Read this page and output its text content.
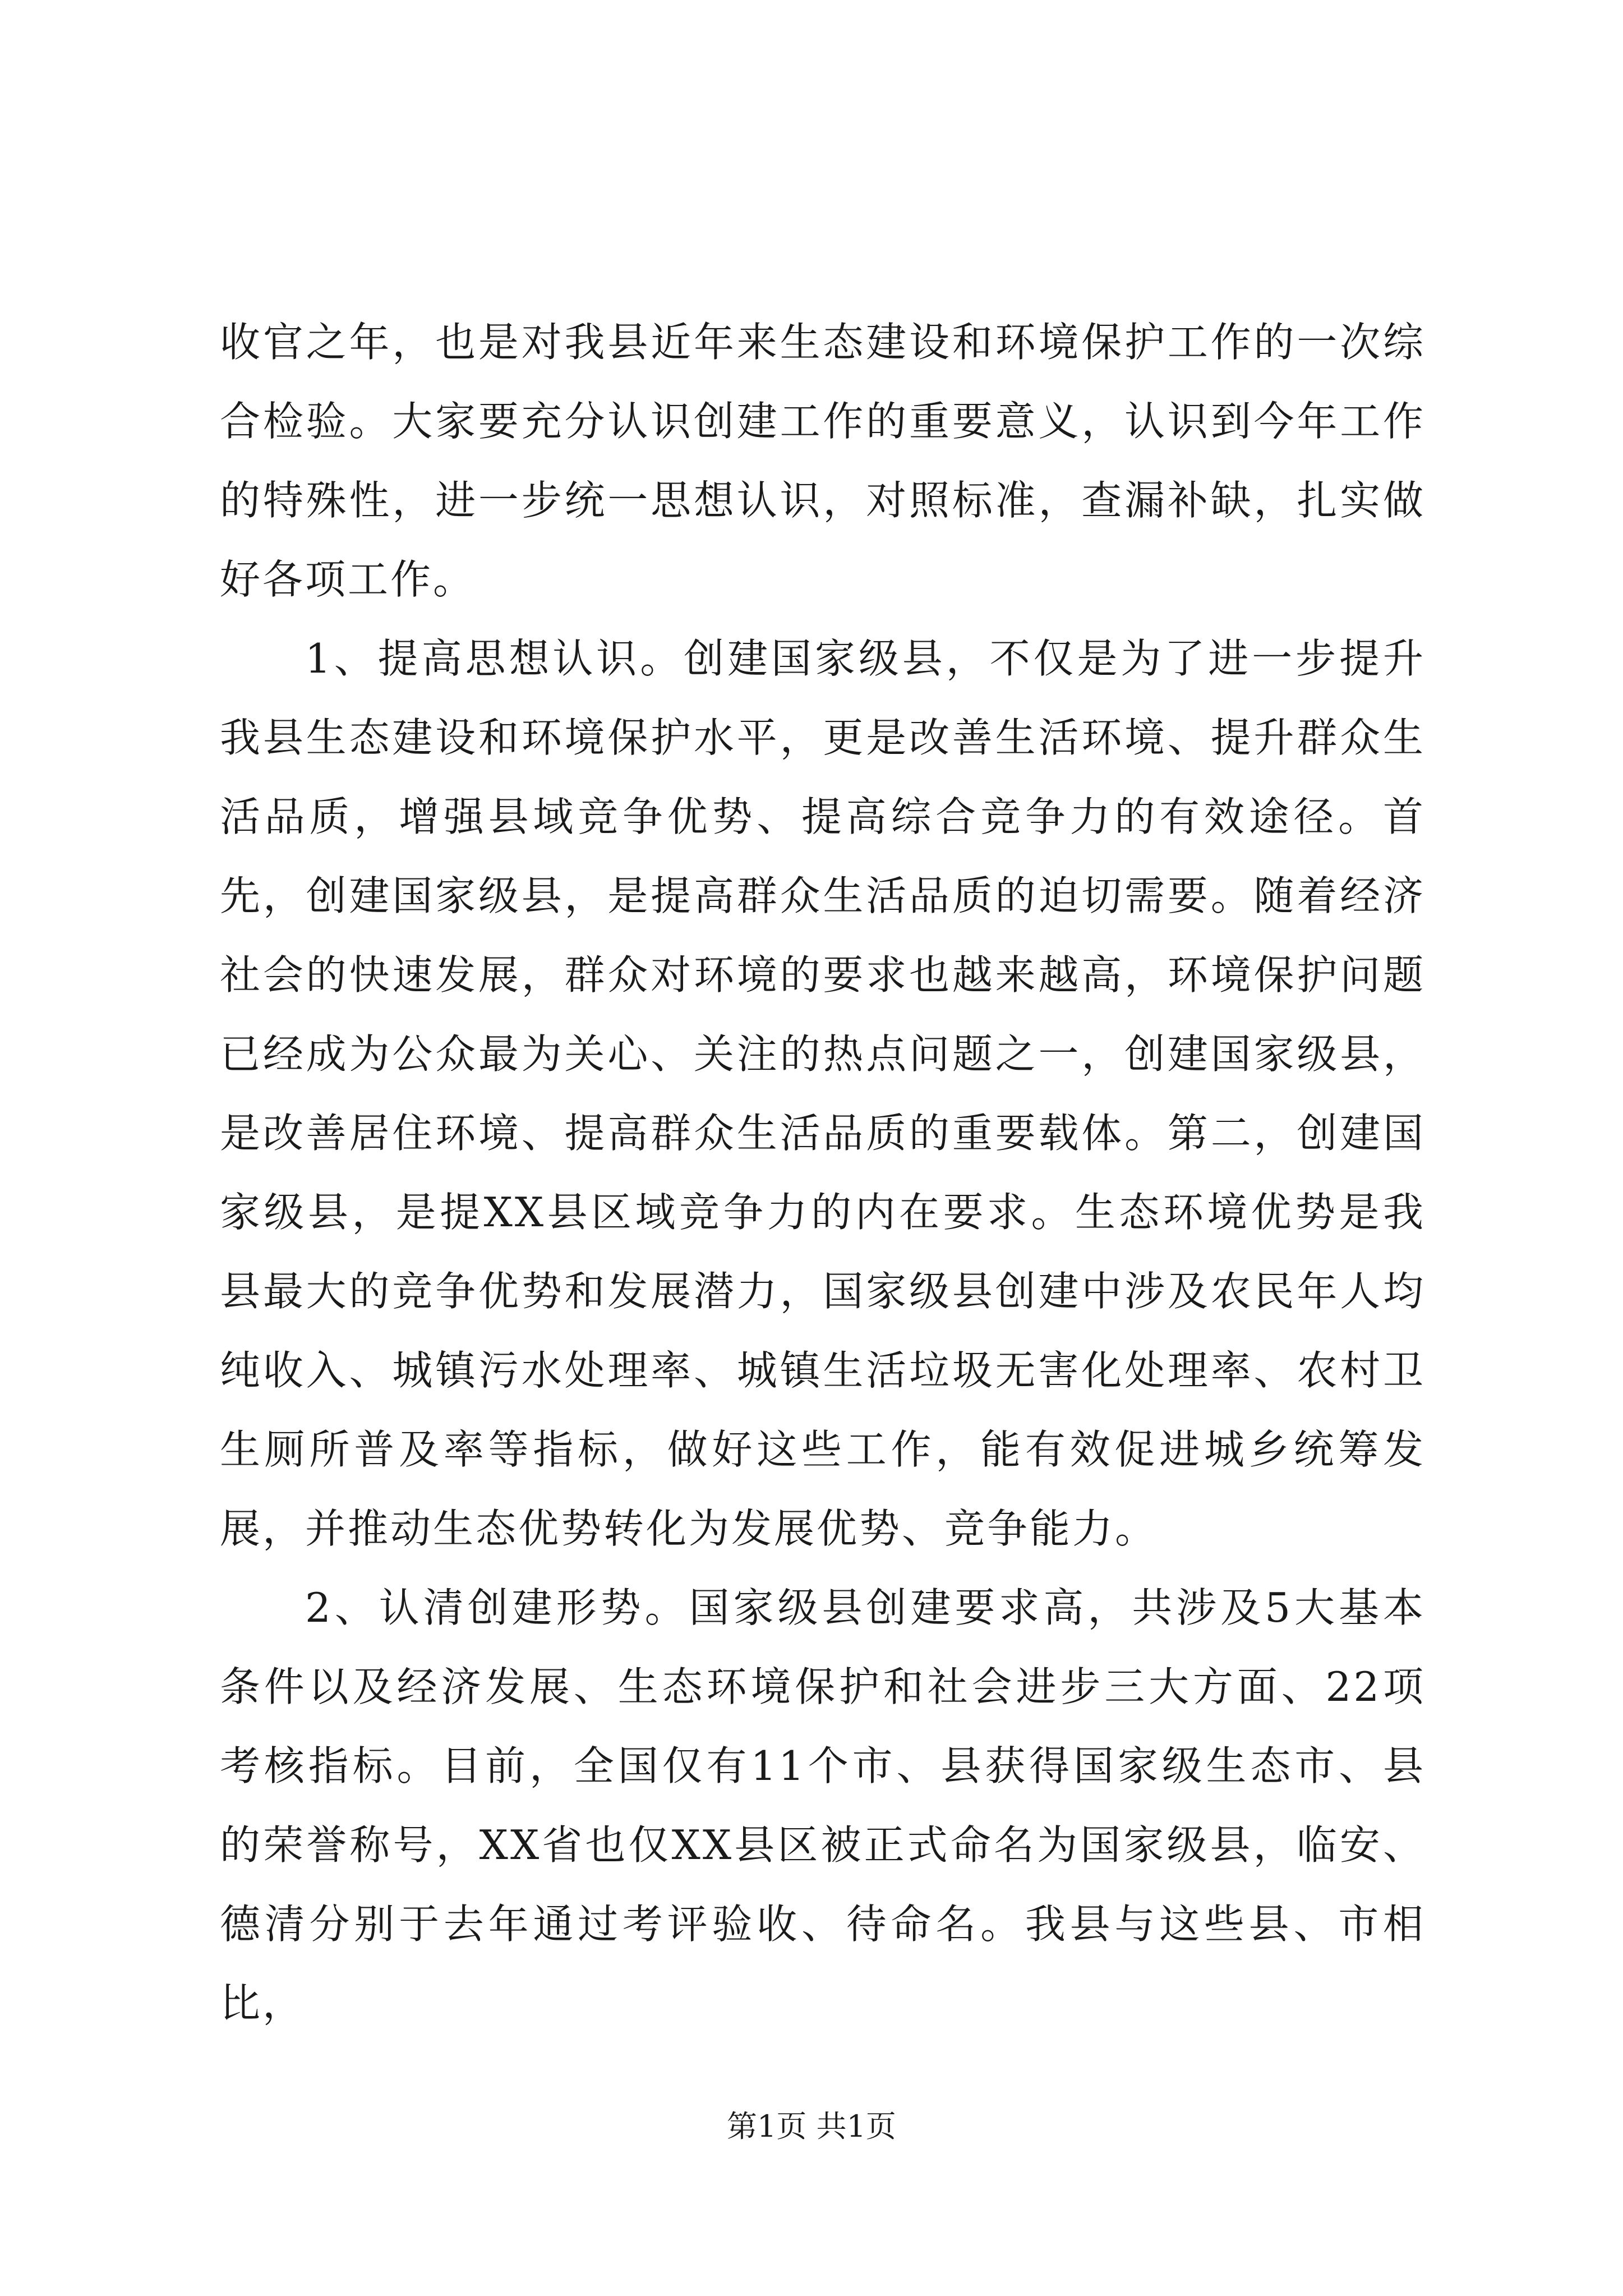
收官之年，也是对我县近年来生态建设和环境保护工作的一次综合检验。大家要充分认识创建工作的重要意义，认识到今年工作的特殊性，进一步统一思想认识，对照标准，查漏补缺，扎实做好各项工作。

1、提高思想认识。创建国家级县，不仅是为了进一步提升我县生态建设和环境保护水平，更是改善生活环境、提升群众生活品质，增强县域竞争优势、提高综合竞争力的有效途径。首先，创建国家级县，是提高群众生活品质的迫切需要。随着经济社会的快速发展，群众对环境的要求也越来越高，环境保护问题已经成为公众最为关心、关注的热点问题之一，创建国家级县，是改善居住环境、提高群众生活品质的重要载体。第二，创建国家级县，是提XX县区域竞争力的内在要求。生态环境优势是我县最大的竞争优势和发展潜力，国家级县创建中涉及农民年人均纯收入、城镇污水处理率、城镇生活垃圾无害化处理率、农村卫生厕所普及率等指标，做好这些工作，能有效促进城乡统筹发展，并推动生态优势转化为发展优势、竞争能力。

2、认清创建形势。国家级县创建要求高，共涉及5大基本条件以及经济发展、生态环境保护和社会进步三大方面、22项考核指标。目前，全国仅有11个市、县获得国家级生态市、县的荣誉称号，XX省也仅XX县区被正式命名为国家级县，临安、德清分别于去年通过考评验收、待命名。我县与这些县、市相比，

第1页 共1页
